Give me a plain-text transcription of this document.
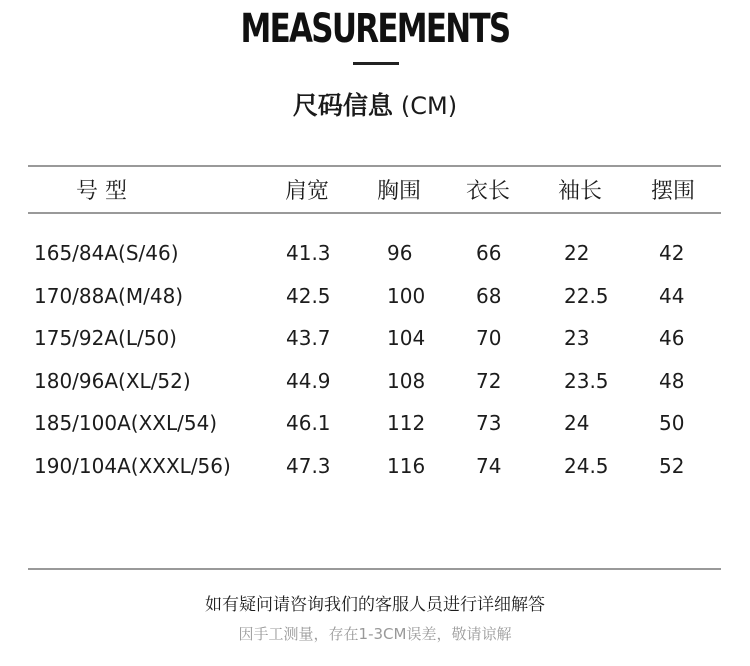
MEASUREMENTS
尺码信息 (CM)
号 型	肩宽 胸围 衣长 袖长 摆围
165/84A(S/46)	41.3	96	66	22	42
170/88A(M/48)	42.5	100	68	22.5	44
175/92A(L/50)	43.7	104	70	23	46
180/96A(XL/52)	44.9	108	72	23.5	48
185/100A(XXL/54)	46.1	112	73	24	50
190/104A(XXXL/56)	47.3	116	74	24.5	52
如有疑问请咨询我们的客服人员进行详细解答
因手工测量，存在1-3CM误差，敬请谅解
